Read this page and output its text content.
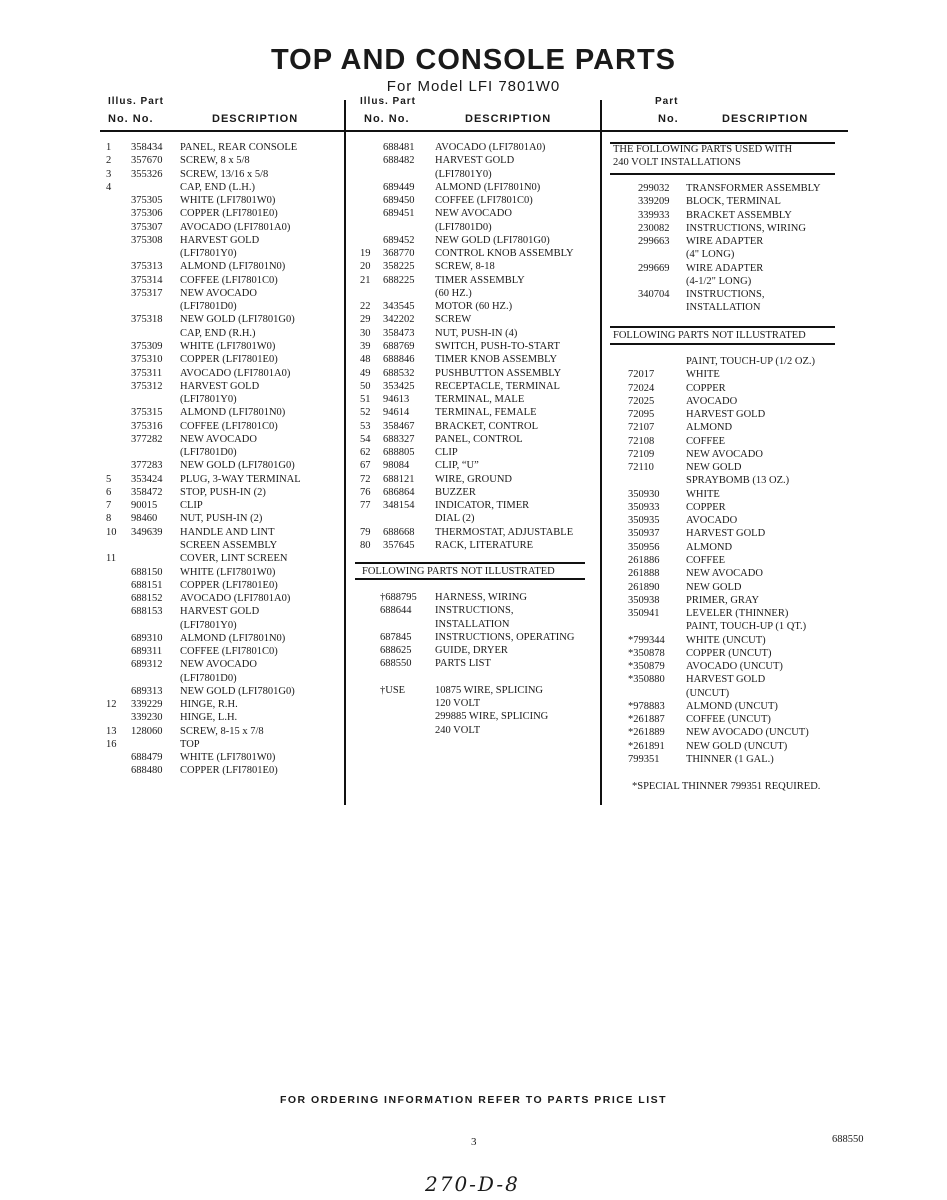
TOP AND CONSOLE PARTS
For Model LFI 7801W0
Illus. Part
No. No.	DESCRIPTION
Illus. Part
No. No.	DESCRIPTION
Part
No.	DESCRIPTION
1 358434 PANEL, REAR CONSOLE
2 357670 SCREW, 8 x 5/8
3 355326 SCREW, 13/16 x 5/8
4	CAP, END (L.H.)
375305 WHITE (LFI7801W0)
375306 COPPER (LFI7801E0)
375307 AVOCADO (LFI7801A0)
375308 HARVEST GOLD
(LFI7801Y0)
375313 ALMOND (LFI7801N0)
375314 COFFEE (LFI7801C0)
375317 NEW AVOCADO
(LFI7801D0)
375318 NEW GOLD (LFI7801G0)
CAP, END (R.H.)
375309 WHITE (LFI7801W0)
375310 COPPER (LFI7801E0)
375311 AVOCADO (LFI7801A0)
375312 HARVEST GOLD
(LFI7801Y0)
375315 ALMOND (LFI7801N0)
375316 COFFEE (LFI7801C0)
377282 NEW AVOCADO
(LFI7801D0)
377283 NEW GOLD (LFI7801G0)
5 353424 PLUG, 3-WAY TERMINAL
6 358472 STOP, PUSH-IN (2)
7 90015 CLIP
8 98460 NUT, PUSH-IN (2)
10 349639 HANDLE AND LINT
SCREEN ASSEMBLY
11	COVER, LINT SCREEN
688150 WHITE (LFI7801W0)
688151 COPPER (LFI7801E0)
688152 AVOCADO (LFI7801A0)
688153 HARVEST GOLD
(LFI7801Y0)
689310 ALMOND (LFI7801N0)
689311 COFFEE (LFI7801C0)
689312 NEW AVOCADO
(LFI7801D0)
689313 NEW GOLD (LFI7801G0)
12 339229 HINGE, R.H.
339230 HINGE, L.H.
13 128060 SCREW, 8-15 x 7/8
16	TOP
688479 WHITE (LFI7801W0)
688480 COPPER (LFI7801E0)
688481 AVOCADO (LFI7801A0)
688482 HARVEST GOLD
(LFI7801Y0)
689449 ALMOND (LFI7801N0)
689450 COFFEE (LFI7801C0)
689451 NEW AVOCADO
(LFI7801D0)
689452 NEW GOLD (LFI7801G0)
19 368770 CONTROL KNOB ASSEMBLY
20 358225 SCREW, 8-18
21 688225 TIMER ASSEMBLY
(60 HZ.)
22 343545 MOTOR (60 HZ.)
29 342202 SCREW
30 358473 NUT, PUSH-IN (4)
39 688769 SWITCH, PUSH-TO-START
48 688846 TIMER KNOB ASSEMBLY
49 688532 PUSHBUTTON ASSEMBLY
50 353425 RECEPTACLE, TERMINAL
51 94613 TERMINAL, MALE
52 94614 TERMINAL, FEMALE
53 358467 BRACKET, CONTROL
54 688327 PANEL, CONTROL
62 688805 CLIP
67 98084 CLIP, “U”
72 688121 WIRE, GROUND
76 686864 BUZZER
77 348154 INDICATOR, TIMER
DIAL (2)
79 688668 THERMOSTAT, ADJUSTABLE
80 357645 RACK, LITERATURE
FOLLOWING PARTS NOT ILLUSTRATED
†688795 HARNESS, WIRING
688644 INSTRUCTIONS,
INSTALLATION
687845 INSTRUCTIONS, OPERATING
688625 GUIDE, DRYER
688550 PARTS LIST
†USE	10875 WIRE, SPLICING
120 VOLT
299885 WIRE, SPLICING
240 VOLT
THE FOLLOWING PARTS USED WITH
240 VOLT INSTALLATIONS
299032 TRANSFORMER ASSEMBLY
339209 BLOCK, TERMINAL
339933 BRACKET ASSEMBLY
230082 INSTRUCTIONS, WIRING
299663 WIRE ADAPTER
(4" LONG)
299669 WIRE ADAPTER
(4-1/2" LONG)
340704 INSTRUCTIONS,
INSTALLATION
FOLLOWING PARTS NOT ILLUSTRATED
PAINT, TOUCH-UP (1/2 OZ.)
72017	WHITE
72024	COPPER
72025	AVOCADO
72095	HARVEST GOLD
72107	ALMOND
72108	COFFEE
72109	NEW AVOCADO
72110	NEW GOLD
SPRAYBOMB (13 OZ.)
350930	WHITE
350933	COPPER
350935	AVOCADO
350937	HARVEST GOLD
350956	ALMOND
261886	COFFEE
261888	NEW AVOCADO
261890	NEW GOLD
350938	PRIMER, GRAY
350941	LEVELER (THINNER)
PAINT, TOUCH-UP (1 QT.)
*799344 WHITE (UNCUT)
*350878 COPPER (UNCUT)
*350879 AVOCADO (UNCUT)
*350880 HARVEST GOLD
(UNCUT)
*978883 ALMOND (UNCUT)
*261887 COFFEE (UNCUT)
*261889 NEW AVOCADO (UNCUT)
*261891 NEW GOLD (UNCUT)
799351	THINNER (1 GAL.)
*SPECIAL THINNER 799351 REQUIRED.
FOR ORDERING INFORMATION REFER TO PARTS PRICE LIST
3	688550
270-D-8
